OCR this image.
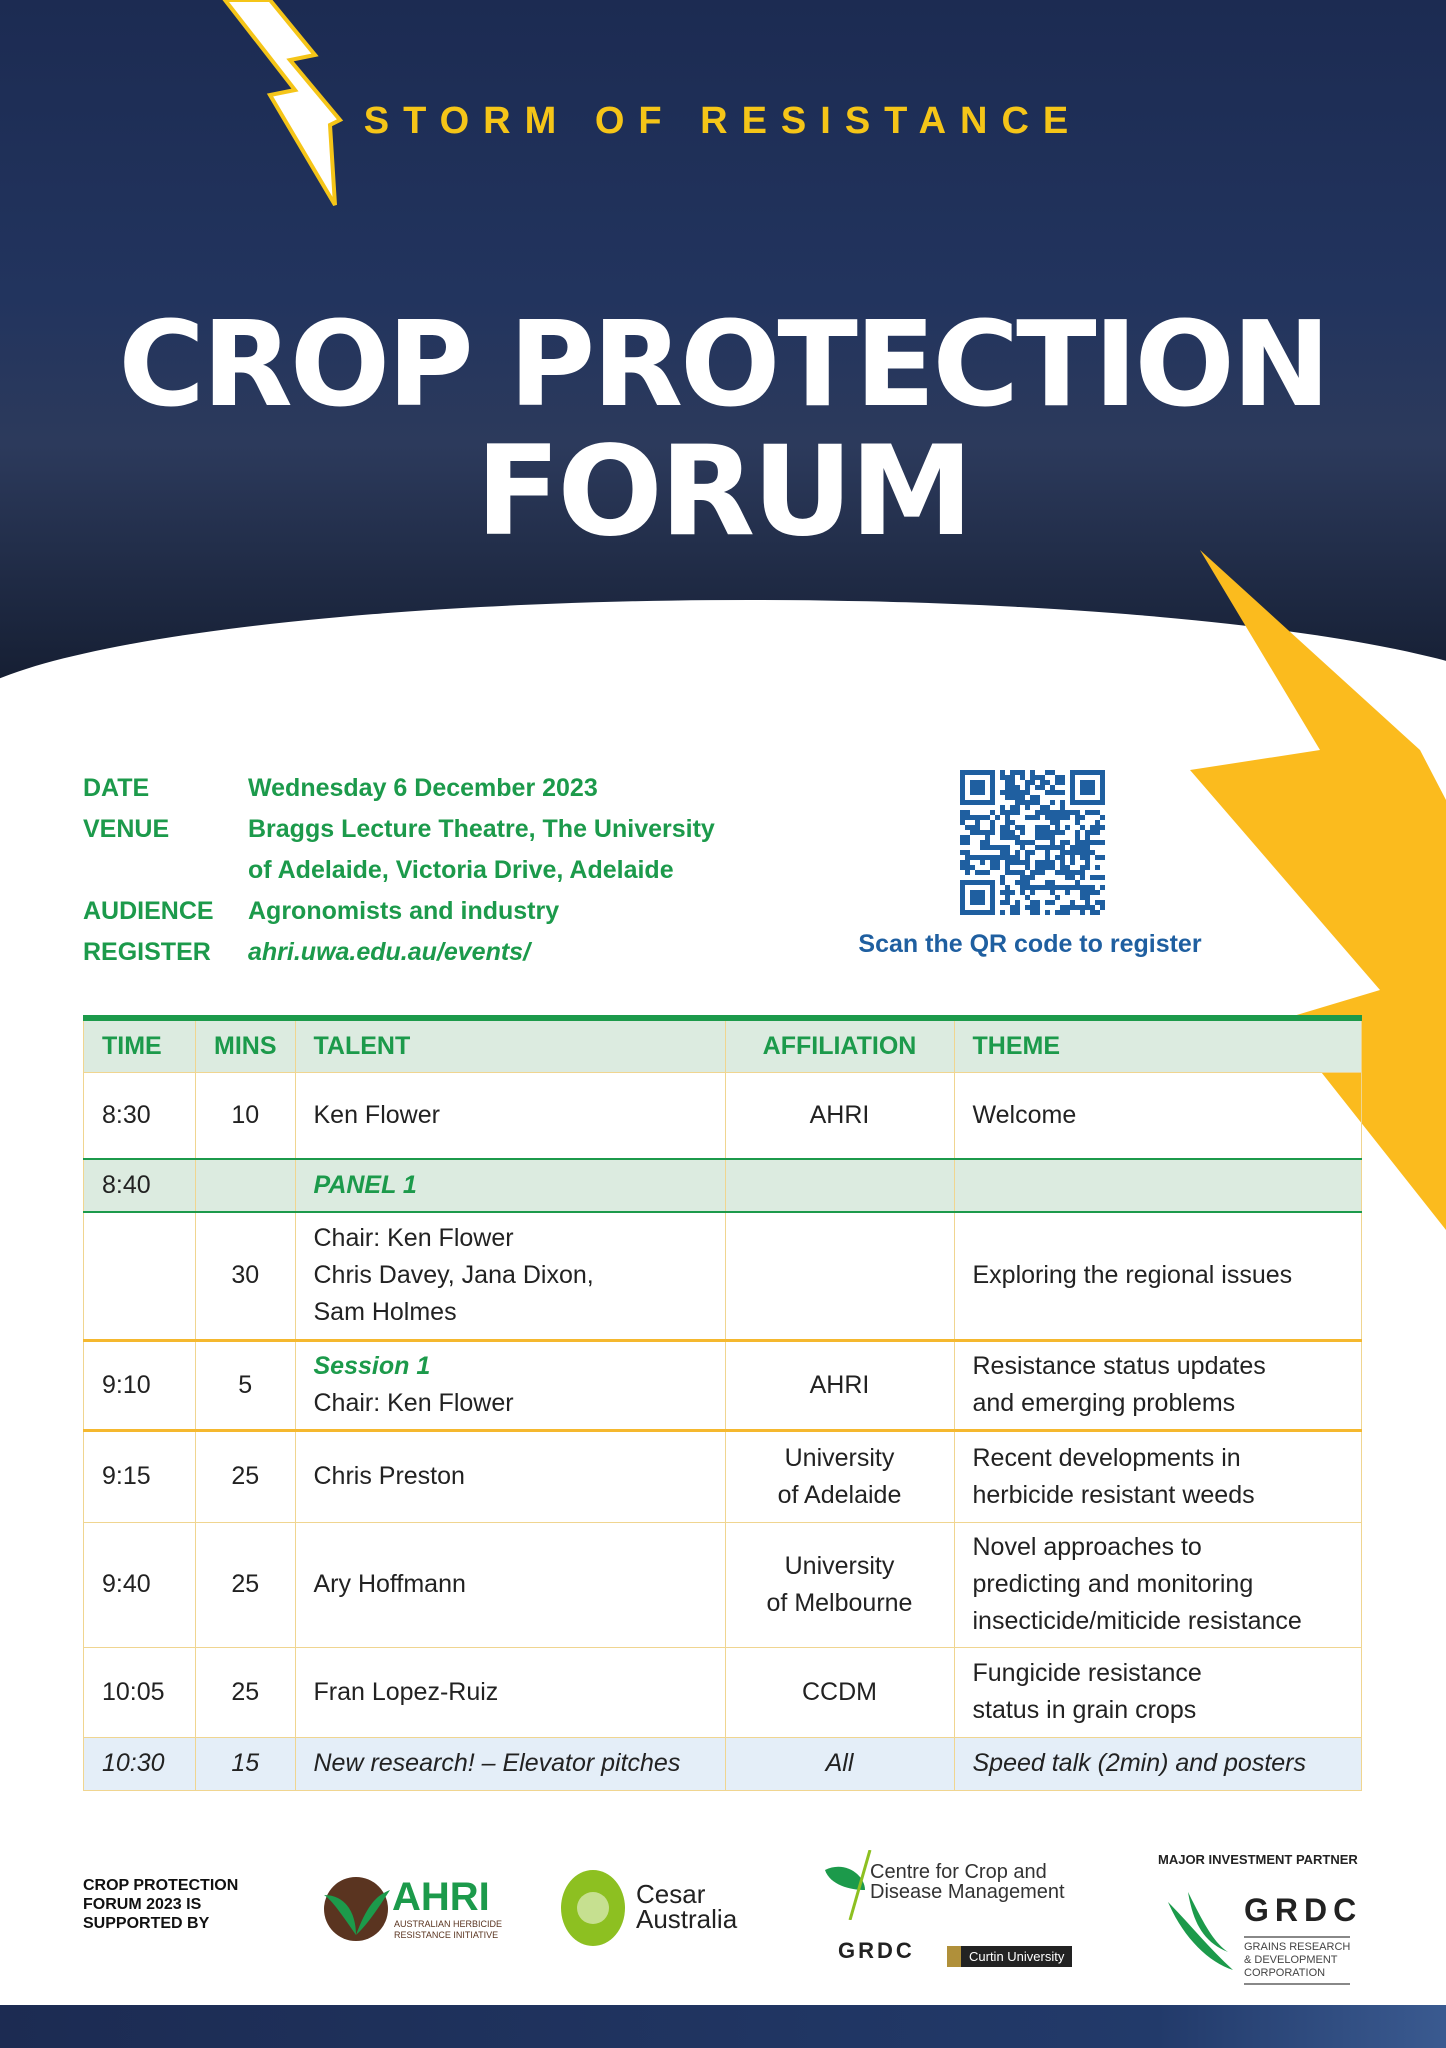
STORM OF RESISTANCE
CROP PROTECTION
FORUM
DATE	Wednesday 6 December 2023
VENUE	Braggs Lecture Theatre, The University
of Adelaide, Victoria Drive, Adelaide
AUDIENCE	Agronomists and industry
REGISTER	ahri.uwa.edu.au/events/	Scan the QR code to register
TIME	MINS	TALENT	AFFILIATION	THEME
8:30	10	Ken Flower	AHRI	Welcome
8:40		PANEL 1		
	30	Chair: Ken Flower
Chris Davey, Jana Dixon,
Sam Holmes		Exploring the regional issues
9:10	5	Session 1
Chair: Ken Flower	AHRI	Resistance status updates
and emerging problems
9:15	25	Chris Preston	University
of Adelaide	Recent developments in
herbicide resistant weeds
9:40	25	Ary Hoffmann	University
of Melbourne	Novel approaches to
predicting and monitoring
insecticide/miticide resistance
10:05	25	Fran Lopez-Ruiz	CCDM	Fungicide resistance
status in grain crops
10:30	15	New research! – Elevator pitches	All	Speed talk (2min) and posters
CROP PROTECTION
FORUM 2023 IS
SUPPORTED BY
AHRI
AUSTRALIAN HERBICIDE
RESISTANCE INITIATIVE
Cesar
Australia
Centre for Crop and
Disease Management
GRDC	Curtin University
MAJOR INVESTMENT PARTNER
GRDC
GRAINS RESEARCH
& DEVELOPMENT
CORPORATION
